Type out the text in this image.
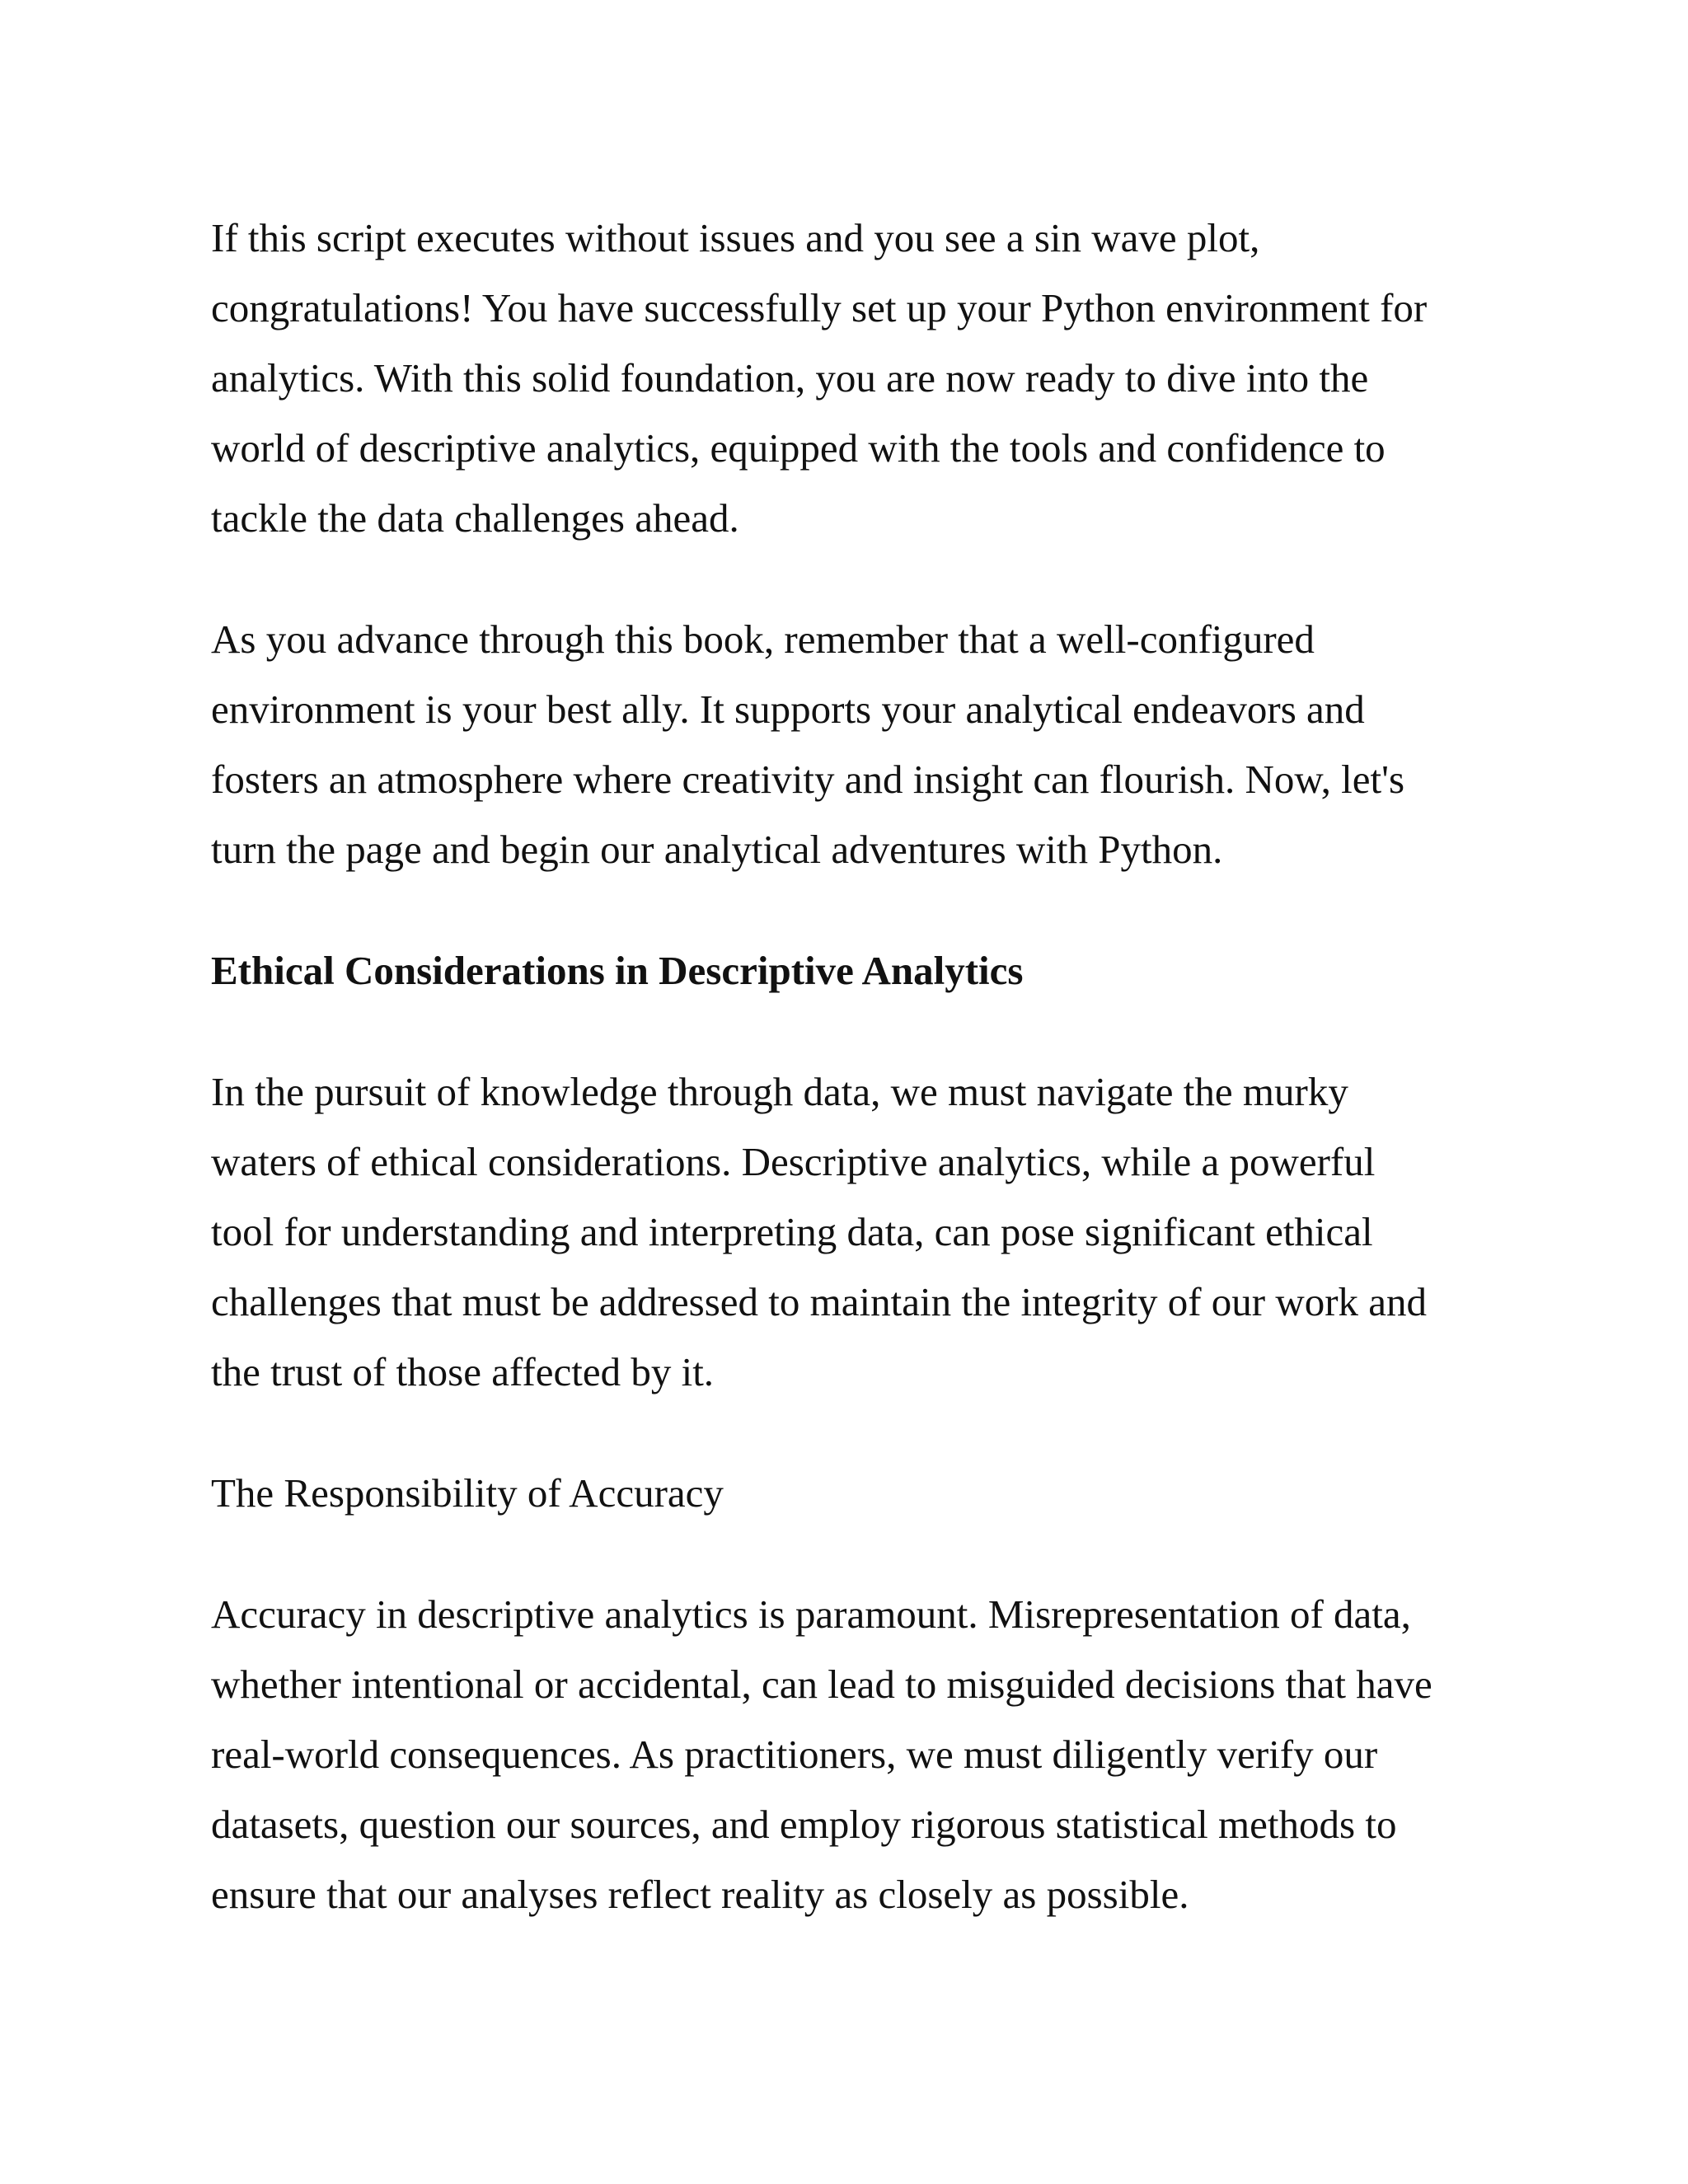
If this script executes without issues and you see a sin wave plot,
congratulations! You have successfully set up your Python environment for
analytics. With this solid foundation, you are now ready to dive into the
world of descriptive analytics, equipped with the tools and confidence to
tackle the data challenges ahead.

As you advance through this book, remember that a well-configured
environment is your best ally. It supports your analytical endeavors and
fosters an atmosphere where creativity and insight can flourish. Now, let's
turn the page and begin our analytical adventures with Python.

Ethical Considerations in Descriptive Analytics

In the pursuit of knowledge through data, we must navigate the murky
waters of ethical considerations. Descriptive analytics, while a powerful
tool for understanding and interpreting data, can pose significant ethical
challenges that must be addressed to maintain the integrity of our work and
the trust of those affected by it.

The Responsibility of Accuracy

Accuracy in descriptive analytics is paramount. Misrepresentation of data,
whether intentional or accidental, can lead to misguided decisions that have
real-world consequences. As practitioners, we must diligently verify our
datasets, question our sources, and employ rigorous statistical methods to
ensure that our analyses reflect reality as closely as possible.
